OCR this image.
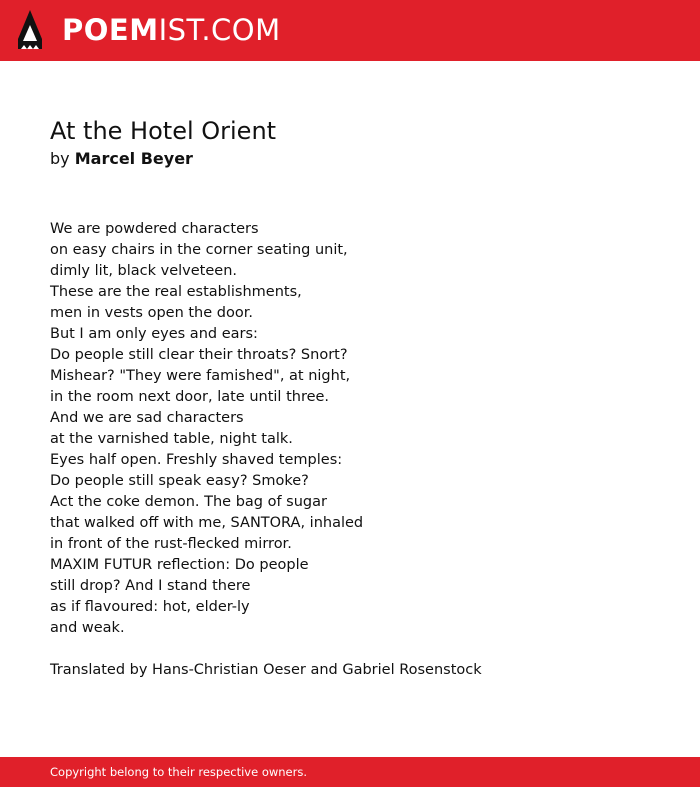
POEMIST.COM
At the Hotel Orient
by Marcel Beyer
We are powdered characters
on easy chairs in the corner seating unit,
dimly lit, black velveteen.
These are the real establishments,
men in vests open the door.
But I am only eyes and ears:
Do people still clear their throats? Snort?
Mishear? "They were famished", at night,
in the room next door, late until three.
And we are sad characters
at the varnished table, night talk.
Eyes half open. Freshly shaved temples:
Do people still speak easy? Smoke?
Act the coke demon. The bag of sugar
that walked off with me, SANTORA, inhaled
in front of the rust-flecked mirror.
MAXIM FUTUR reflection: Do people
still drop? And I stand there
as if flavoured: hot, elder-ly
and weak.
Translated by Hans-Christian Oeser and Gabriel Rosenstock
Copyright belong to their respective owners.
